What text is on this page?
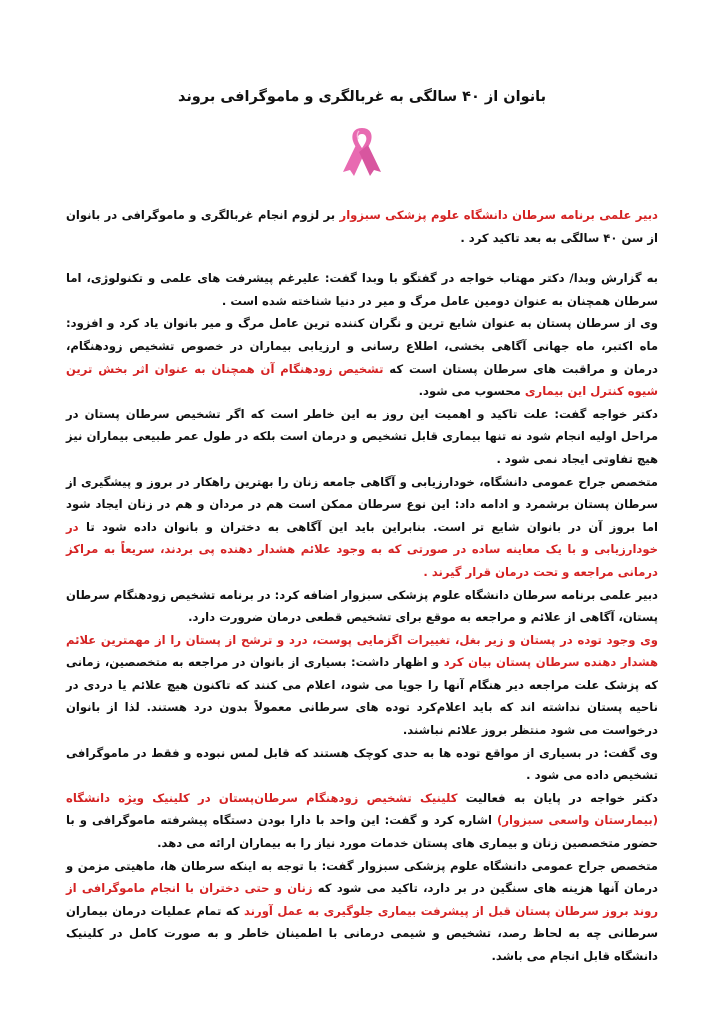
بانوان از ۴۰ سالگی به غربالگری و ماموگرافی بروند

دبیر علمی برنامه سرطان دانشگاه علوم پزشکی سبزوار بر لزوم انجام غربالگری و ماموگرافی در بانوان از سن ۴۰ سالگی به بعد تاکید کرد .

به گزارش وبدا/ دکتر مهتاب خواجه در گفتگو با وبدا گفت: علیرغم پیشرفت های علمی و تکنولوژی، اما سرطان همچنان به عنوان دومین عامل مرگ و میر در دنیا شناخته شده است .

وی از سرطان پستان به عنوان شایع ترین و نگران کننده ترین عامل مرگ و میر بانوان یاد کرد و افزود: ماه اکتبر، ماه جهانی آگاهی بخشی، اطلاع رسانی و ارزیابی بیماران در خصوص تشخیص زودهنگام، درمان و مراقبت های سرطان پستان است که تشخیص زودهنگام آن همچنان به عنوان اثر بخش ترین شیوه کنترل این بیماری محسوب می شود.

دکتر خواجه گفت: علت تاکید و اهمیت این روز به این خاطر است که اگر تشخیص سرطان پستان در مراحل اولیه انجام شود نه تنها بیماری قابل تشخیص و درمان است بلکه در طول عمر طبیعی بیماران نیز هیچ تفاوتی ایجاد نمی شود .

متخصص جراح عمومی دانشگاه، خودارزیابی و آگاهی جامعه زنان را بهترین راهکار در بروز و پیشگیری از سرطان پستان برشمرد و ادامه داد: این نوع سرطان ممکن است هم در مردان و هم در زنان ایجاد شود اما بروز آن در بانوان شایع تر است. بنابراین باید این آگاهی به دختران و بانوان داده شود تا در خودارزیابی و با یک معاینه ساده در صورتی که به وجود علائم هشدار دهنده پی بردند، سریعاً به مراکز درمانی مراجعه و تحت درمان قرار گیرند .

دبیر علمی برنامه سرطان دانشگاه علوم پزشکی سبزوار اضافه کرد: در برنامه تشخیص زودهنگام سرطان پستان، آگاهی از علائم و مراجعه به موقع برای تشخیص قطعی درمان ضرورت دارد.

وی وجود توده در پستان و زیر بغل، تغییرات اگزمایی پوست، درد و ترشح از پستان را از مهمترین علائم هشدار دهنده سرطان پستان بیان کرد و اظهار داشت: بسیاری از بانوان در مراجعه به متخصصین، زمانی که پزشک علت مراجعه دیر هنگام آنها را جویا می شود، اعلام می کنند که تاکنون هیچ علائم یا دردی در ناحیه پستان نداشته اند که باید اعلام‌کرد توده های سرطانی معمولاً بدون درد هستند. لذا از بانوان درخواست می شود منتظر بروز علائم نباشند.

وی گفت: در بسیاری از مواقع توده ها به حدی کوچک هستند که قابل لمس نبوده و فقط در ماموگرافی تشخیص داده می شود .

دکتر خواجه در پایان به فعالیت کلینیک تشخیص زودهنگام سرطان‌پستان در کلینیک ویژه دانشگاه (بیمارستان واسعی سبزوار) اشاره کرد و گفت: این واحد با دارا بودن دستگاه پیشرفته ماموگرافی و با حضور متخصصین زنان و بیماری های پستان خدمات مورد نیاز را به بیماران ارائه می دهد.

متخصص جراح عمومی دانشگاه علوم پزشکی سبزوار گفت: با توجه به اینکه سرطان ها، ماهیتی مزمن و درمان آنها هزینه های سنگین در بر دارد، تاکید می شود که زنان و حتی دختران با انجام ماموگرافی از روند بروز سرطان پستان قبل از پیشرفت بیماری جلوگیری به عمل آورند که تمام عملیات درمان بیماران سرطانی چه به لحاظ رصد، تشخیص و شیمی درمانی با اطمینان خاطر و به صورت کامل در کلینیک دانشگاه قابل انجام می باشد.
